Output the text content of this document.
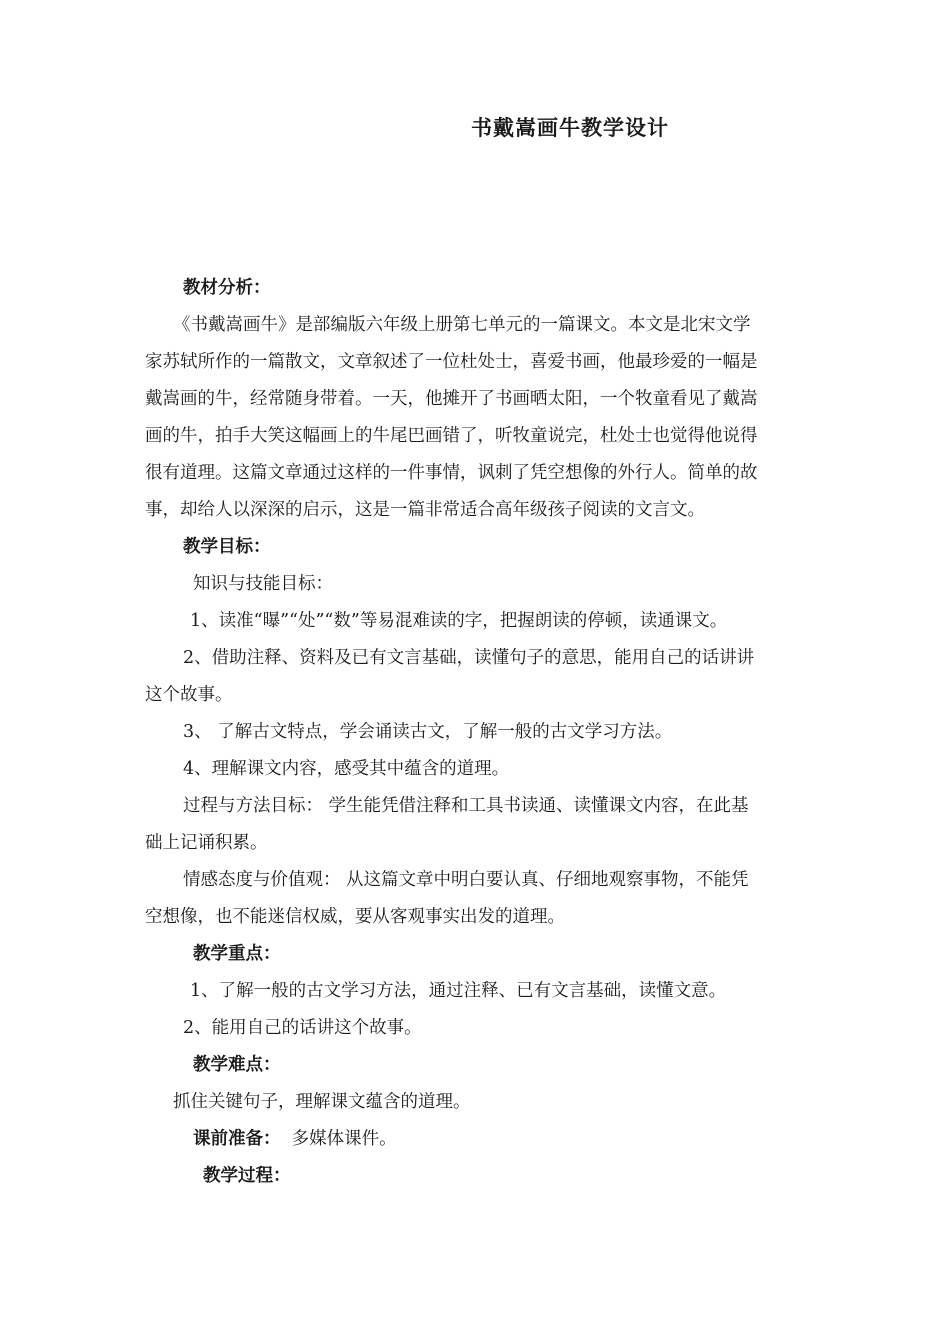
书戴嵩画牛教学设计
教材分析：
《书戴嵩画牛》是部编版六年级上册第七单元的一篇课文。本文是北宋文学
家苏轼所作的一篇散文，文章叙述了一位杜处士，喜爱书画，他最珍爱的一幅是
戴嵩画的牛，经常随身带着。一天，他摊开了书画晒太阳，一个牧童看见了戴嵩
画的牛，拍手大笑这幅画上的牛尾巴画错了，听牧童说完，杜处士也觉得他说得
很有道理。这篇文章通过这样的一件事情，讽刺了凭空想像的外行人。简单的故
事，却给人以深深的启示，这是一篇非常适合高年级孩子阅读的文言文。
教学目标：
知识与技能目标：
1、读准“曝”“处”“数”等易混难读的字，把握朗读的停顿，读通课文。
2、借助注释、资料及已有文言基础，读懂句子的意思，能用自己的话讲讲
这个故事。
3、 了解古文特点，学会诵读古文，了解一般的古文学习方法。
4、理解课文内容，感受其中蕴含的道理。
过程与方法目标： 学生能凭借注释和工具书读通、读懂课文内容，在此基
础上记诵积累。
情感态度与价值观： 从这篇文章中明白要认真、仔细地观察事物，不能凭
空想像，也不能迷信权威，要从客观事实出发的道理。
教学重点：
1、了解一般的古文学习方法，通过注释、已有文言基础，读懂文意。
2、能用自己的话讲这个故事。
教学难点：
抓住关键句子，理解课文蕴含的道理。
课前准备：  多媒体课件。
教学过程：
